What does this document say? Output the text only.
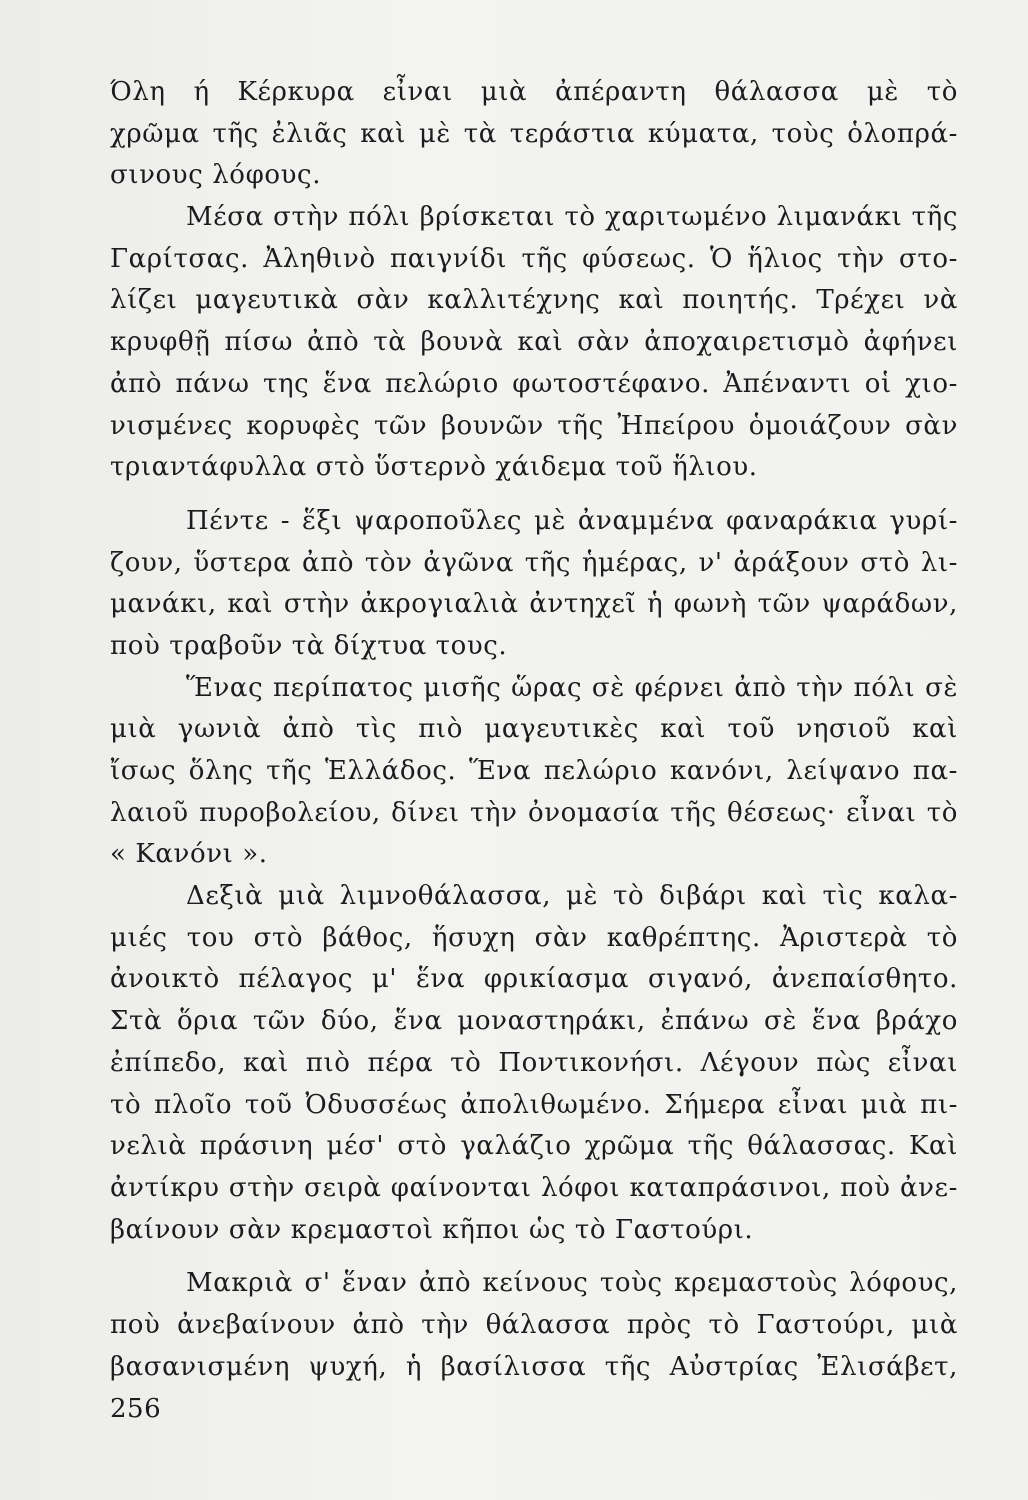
Όλη ή Κέρκυρα εἶναι μιὰ ἀπέραντη θάλασσα μὲ τὸ
χρῶμα τῆς ἐλιᾶς καὶ μὲ τὰ τεράστια κύματα, τοὺς ὁλοπρά-
σινους λόφους.
Μέσα στὴν πόλι βρίσκεται τὸ χαριτωμένο λιμανάκι τῆς
Γαρίτσας. Ἀληθινὸ παιγνίδι τῆς φύσεως. Ὁ ἥλιος τὴν στο-
λίζει μαγευτικὰ σὰν καλλιτέχνης καὶ ποιητής. Τρέχει νὰ
κρυφθῇ πίσω ἀπὸ τὰ βουνὰ καὶ σὰν ἀποχαιρετισμὸ ἀφήνει
ἀπὸ πάνω της ἕνα πελώριο φωτοστέφανο. Ἀπέναντι οἱ χιο-
νισμένες κορυφὲς τῶν βουνῶν τῆς Ἠπείρου ὁμοιάζουν σὰν
τριαντάφυλλα στὸ ὕστερνὸ χάιδεμα τοῦ ἥλιου.
Πέντε - ἕξι ψαροποῦλες μὲ ἀναμμένα φαναράκια γυρί-
ζουν, ὕστερα ἀπὸ τὸν ἀγῶνα τῆς ἡμέρας, ν' ἀράξουν στὸ λι-
μανάκι, καὶ στὴν ἀκρογιαλιὰ ἀντηχεῖ ἡ φωνὴ τῶν ψαράδων,
ποὺ τραβοῦν τὰ δίχτυα τους.
Ἕνας περίπατος μισῆς ὥρας σὲ φέρνει ἀπὸ τὴν πόλι σὲ
μιὰ γωνιὰ ἀπὸ τὶς πιὸ μαγευτικὲς καὶ τοῦ νησιοῦ καὶ
ἴσως ὅλης τῆς Ἑλλάδος. Ἕνα πελώριο κανόνι, λείψανο πα-
λαιοῦ πυροβολείου, δίνει τὴν ὀνομασία τῆς θέσεως· εἶναι τὸ
« Κανόνι ».
Δεξιὰ μιὰ λιμνοθάλασσα, μὲ τὸ διβάρι καὶ τὶς καλα-
μιές του στὸ βάθος, ἥσυχη σὰν καθρέπτης. Ἀριστερὰ τὸ
ἀνοικτὸ πέλαγος μ' ἕνα φρικίασμα σιγανό, ἀνεπαίσθητο.
Στὰ ὅρια τῶν δύο, ἕνα μοναστηράκι, ἐπάνω σὲ ἕνα βράχο
ἐπίπεδο, καὶ πιὸ πέρα τὸ Ποντικονήσι. Λέγουν πὼς εἶναι
τὸ πλοῖο τοῦ Ὀδυσσέως ἀπολιθωμένο. Σήμερα εἶναι μιὰ πι-
νελιὰ πράσινη μέσ' στὸ γαλάζιο χρῶμα τῆς θάλασσας. Καὶ
ἀντίκρυ στὴν σειρὰ φαίνονται λόφοι καταπράσινοι, ποὺ ἀνε-
βαίνουν σὰν κρεμαστοὶ κῆποι ὡς τὸ Γαστούρι.
Μακριὰ σ' ἕναν ἀπὸ κείνους τοὺς κρεμαστοὺς λόφους,
ποὺ ἀνεβαίνουν ἀπὸ τὴν θάλασσα πρὸς τὸ Γαστούρι, μιὰ
βασανισμένη ψυχή, ἡ βασίλισσα τῆς Αὐστρίας Ἐλισάβετ,
256
